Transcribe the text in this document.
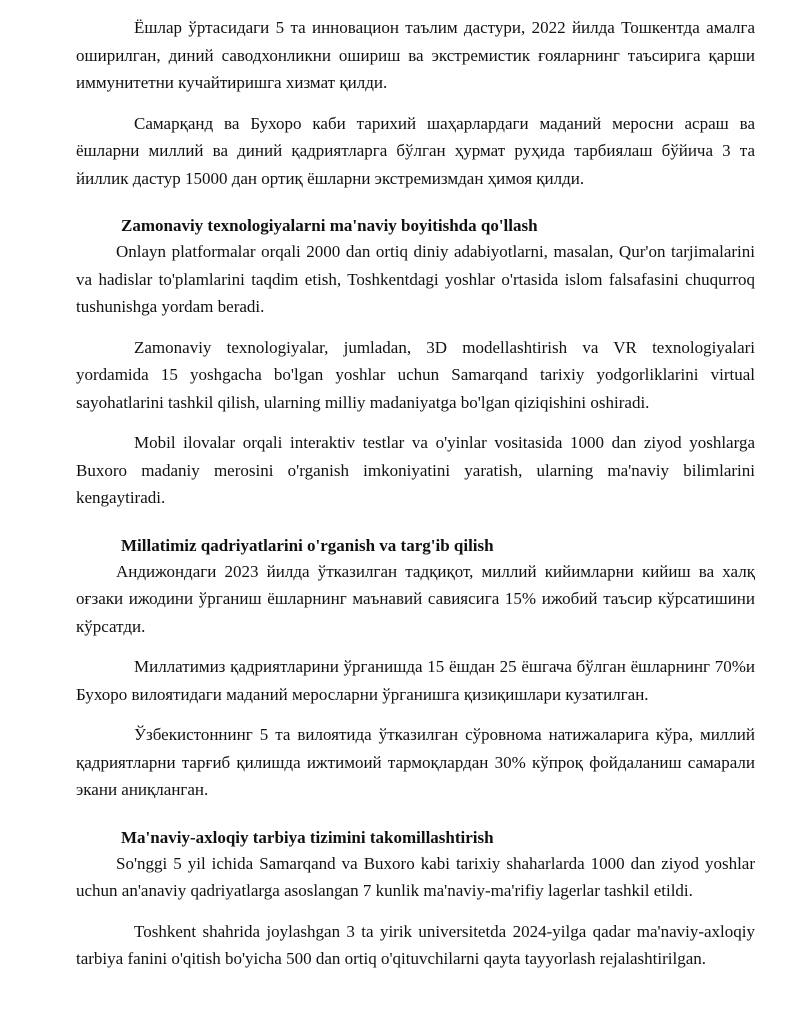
Ёшлар ўртасидаги 5 та инновацион таълим дастури, 2022 йилда Тошкентда амалга оширилган, диний саводхонликни ошириш ва экстремистик ғояларнинг таъсирига қарши иммунитетни кучайтиришга хизмат қилди.

Самарқанд ва Бухоро каби тарихий шаҳарлардаги маданий меросни асраш ва ёшларни миллий ва диний қадриятларга бўлган ҳурмат руҳида тарбиялаш бўйича 3 та йиллик дастур 15000 дан ортиқ ёшларни экстремизмдан ҳимоя қилди.

Zamonaviy texnologiyalarni ma'naviy boyitishda qo'llash

Onlayn platformalar orqali 2000 dan ortiq diniy adabiyotlarni, masalan, Qur'on tarjimalarini va hadislar to'plamlarini taqdim etish, Toshkentdagi yoshlar o'rtasida islom falsafasini chuqurroq tushunishga yordam beradi.

Zamonaviy texnologiyalar, jumladan, 3D modellashtirish va VR texnologiyalari yordamida 15 yoshgacha bo'lgan yoshlar uchun Samarqand tarixiy yodgorliklarini virtual sayohatlarini tashkil qilish, ularning milliy madaniyatga bo'lgan qiziqishini oshiradi.

Mobil ilovalar orqali interaktiv testlar va o'yinlar vositasida 1000 dan ziyod yoshlarga Buxoro madaniy merosini o'rganish imkoniyatini yaratish, ularning ma'naviy bilimlarini kengaytiradi.

Millatimiz qadriyatlarini o'rganish va targ'ib qilish

Андижондаги 2023 йилда ўтказилган тадқиқот, миллий кийимларни кийиш ва халқ оғзаки ижодини ўрганиш ёшларнинг маънавий савиясига 15% ижобий таъсир кўрсатишини кўрсатди.

Миллатимиз қадриятларини ўрганишда 15 ёшдан 25 ёшгача бўлган ёшларнинг 70%и Бухоро вилоятидаги маданий меросларни ўрганишга қизиқишлари кузатилган.

Ўзбекистоннинг 5 та вилоятида ўтказилган сўровнома натижаларига кўра, миллий қадриятларни тарғиб қилишда ижтимоий тармоқлардан 30% кўпроқ фойдаланиш самарали экани аниқланган.

Ma'naviy-axloqiy tarbiya tizimini takomillashtirish

So'nggi 5 yil ichida Samarqand va Buxoro kabi tarixiy shaharlarda 1000 dan ziyod yoshlar uchun an'anaviy qadriyatlarga asoslangan 7 kunlik ma'naviy-ma'rifiy lagerlar tashkil etildi.

Toshkent shahrida joylashgan 3 ta yirik universitetda 2024-yilga qadar ma'naviy-axloqiy tarbiya fanini o'qitish bo'yicha 500 dan ortiq o'qituvchilarni qayta tayyorlash rejalashtirilgan.
